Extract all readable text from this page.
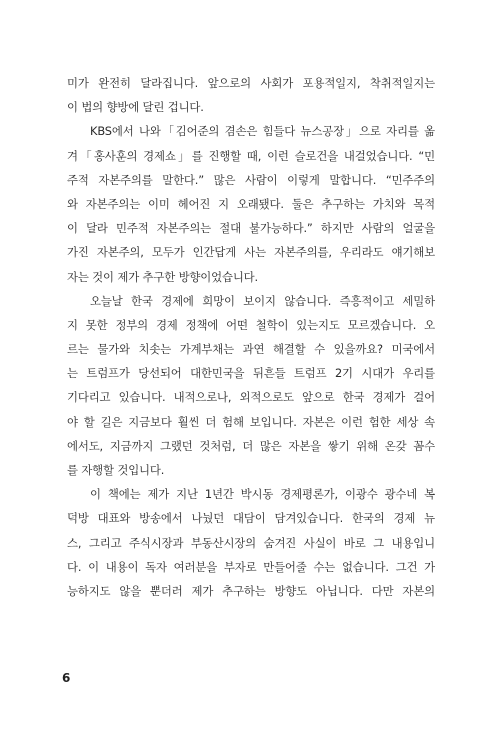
미가 완전히 달라집니다. 앞으로의 사회가 포용적일지, 착취적일지는
이 법의 향방에 달린 겁니다.
KBS에서 나와「김어준의 겸손은 힘들다 뉴스공장」으로 자리를 옮
겨「홍사훈의 경제쇼」를 진행할 때, 이런 슬로건을 내걸었습니다. “민
주적 자본주의를 말한다.” 많은 사람이 이렇게 말합니다. “민주주의
와 자본주의는 이미 헤어진 지 오래됐다. 둘은 추구하는 가치와 목적
이 달라 민주적 자본주의는 절대 불가능하다.” 하지만 사람의 얼굴을
가진 자본주의, 모두가 인간답게 사는 자본주의를, 우리라도 얘기해보
자는 것이 제가 추구한 방향이었습니다.
오늘날 한국 경제에 희망이 보이지 않습니다. 즉흥적이고 세밀하
지 못한 정부의 경제 정책에 어떤 철학이 있는지도 모르겠습니다. 오
르는 물가와 치솟는 가계부채는 과연 해결할 수 있을까요? 미국에서
는 트럼프가 당선되어 대한민국을 뒤흔들 트럼프 2기 시대가 우리를
기다리고 있습니다. 내적으로나, 외적으로도 앞으로 한국 경제가 걸어
야 할 길은 지금보다 훨씬 더 험해 보입니다. 자본은 이런 험한 세상 속
에서도, 지금까지 그랬던 것처럼, 더 많은 자본을 쌓기 위해 온갖 꼼수
를 자행할 것입니다.
이 책에는 제가 지난 1년간 박시동 경제평론가, 이광수 광수네 복
덕방 대표와 방송에서 나눴던 대담이 담겨있습니다. 한국의 경제 뉴
스, 그리고 주식시장과 부동산시장의 숨겨진 사실이 바로 그 내용입니
다. 이 내용이 독자 여러분을 부자로 만들어줄 수는 없습니다. 그건 가
능하지도 않을 뿐더러 제가 추구하는 방향도 아닙니다. 다만 자본의
6
